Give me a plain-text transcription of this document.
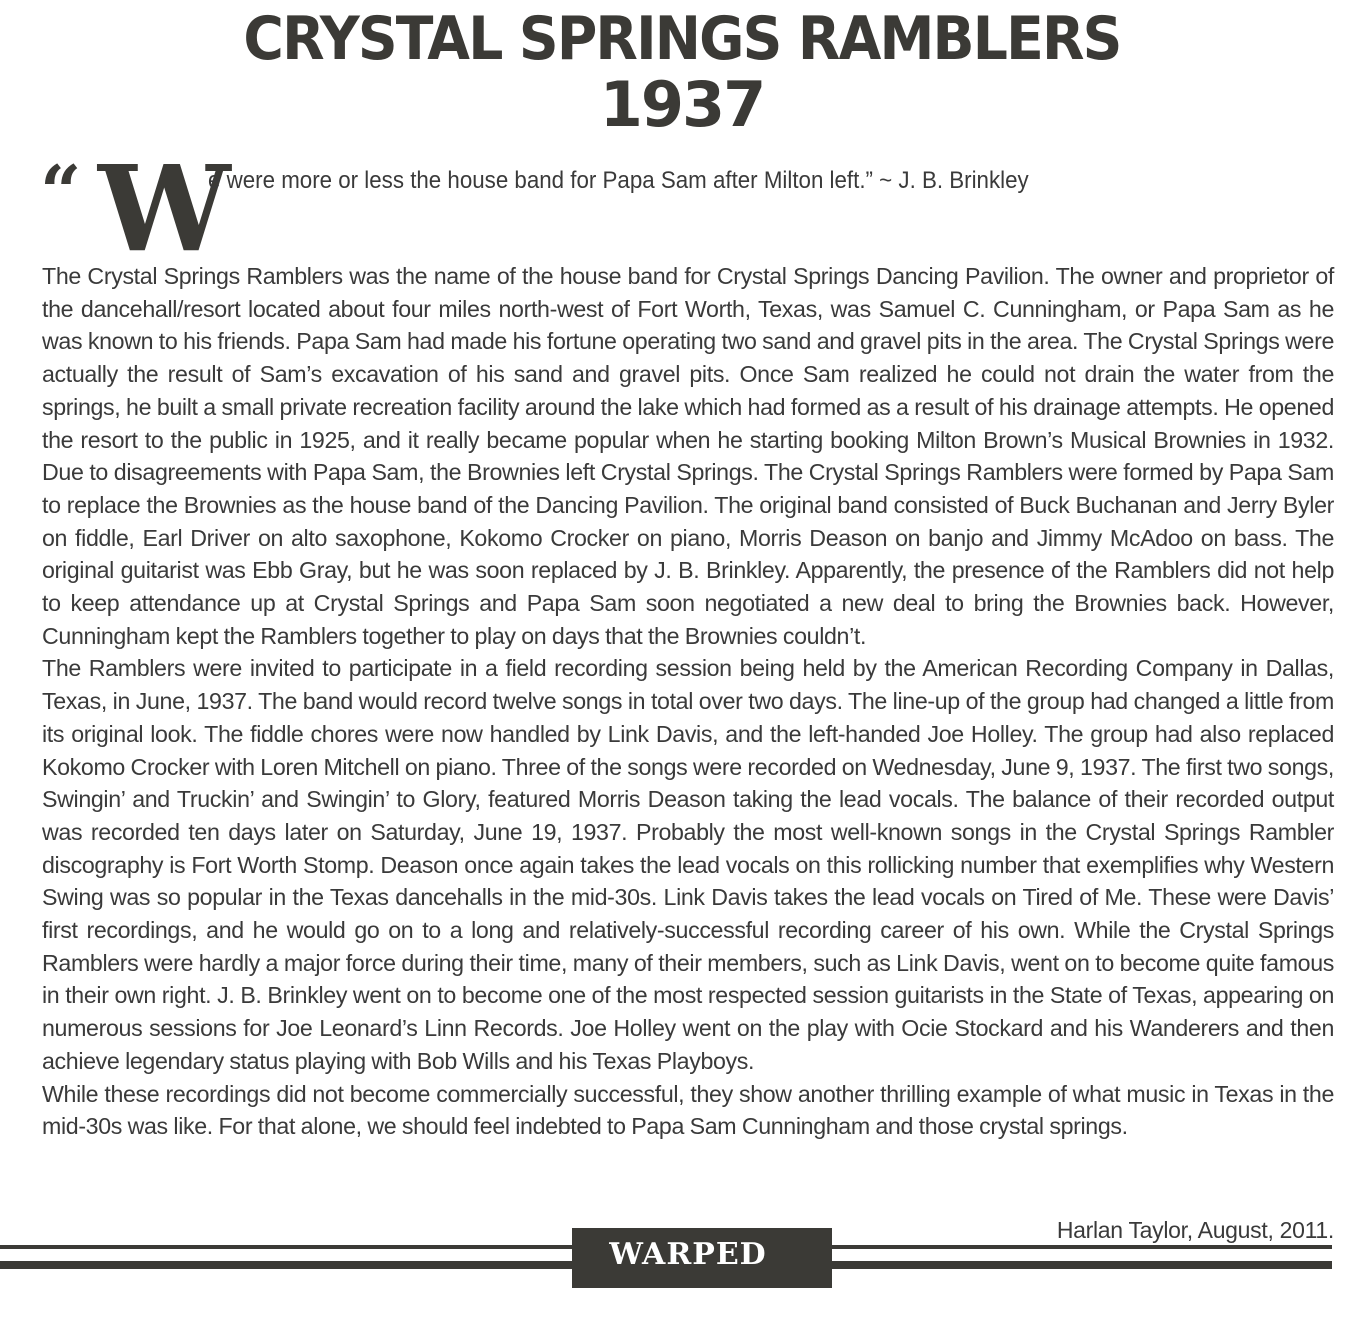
CRYSTAL SPRINGS RAMBLERS
1937
“ W
e were more or less the house band for Papa Sam after Milton left.” ~ J. B. Brinkley

The Crystal Springs Ramblers was the name of the house band for Crystal Springs Dancing Pavilion. The owner and proprietor of the dancehall/resort located about four miles north-west of Fort Worth, Texas, was Samuel C. Cunningham, or Papa Sam as he was known to his friends. Papa Sam had made his fortune operating two sand and gravel pits in the area. The Crystal Springs were actually the result of Sam’s excavation of his sand and gravel pits. Once Sam realized he could not drain the water from the springs, he built a small private recreation facility around the lake which had formed as a result of his drainage attempts. He opened the resort to the public in 1925, and it really became popular when he starting booking Milton Brown’s Musical Brownies in 1932. Due to disagreements with Papa Sam, the Brownies left Crystal Springs. The Crystal Springs Ramblers were formed by Papa Sam to replace the Brownies as the house band of the Dancing Pavilion. The original band consisted of Buck Buchanan and Jerry Byler on fiddle, Earl Driver on alto saxophone, Kokomo Crocker on piano, Morris Deason on banjo and Jimmy McAdoo on bass. The original guitarist was Ebb Gray, but he was soon replaced by J. B. Brinkley. Apparently, the presence of the Ramblers did not help to keep attendance up at Crystal Springs and Papa Sam soon negotiated a new deal to bring the Brownies back. However, Cunningham kept the Ramblers together to play on days that the Brownies couldn’t.

The Ramblers were invited to participate in a field recording session being held by the American Recording Company in Dallas, Texas, in June, 1937. The band would record twelve songs in total over two days. The line-up of the group had changed a little from its original look. The fiddle chores were now handled by Link Davis, and the left-handed Joe Holley. The group had also replaced Kokomo Crocker with Loren Mitchell on piano. Three of the songs were recorded on Wednesday, June 9, 1937. The first two songs, Swingin’ and Truckin’ and Swingin’ to Glory, featured Morris Deason taking the lead vocals. The balance of their recorded output was recorded ten days later on Saturday, June 19, 1937. Probably the most well-known songs in the Crystal Springs Rambler discography is Fort Worth Stomp. Deason once again takes the lead vocals on this rollicking number that exemplifies why Western Swing was so popular in the Texas dancehalls in the mid-30s. Link Davis takes the lead vocals on Tired of Me. These were Davis’ first recordings, and he would go on to a long and relatively-successful recording career of his own. While the Crystal Springs Ramblers were hardly a major force during their time, many of their members, such as Link Davis, went on to become quite famous in their own right. J. B. Brinkley went on to become one of the most respected session guitarists in the State of Texas, appearing on numerous sessions for Joe Leonard’s Linn Records. Joe Holley went on the play with Ocie Stockard and his Wanderers and then achieve legendary status playing with Bob Wills and his Texas Playboys.

While these recordings did not become commercially successful, they show another thrilling example of what music in Texas in the mid-30s was like. For that alone, we should feel indebted to Papa Sam Cunningham and those crystal springs.

Harlan Taylor, August, 2011.
WARPED3751
